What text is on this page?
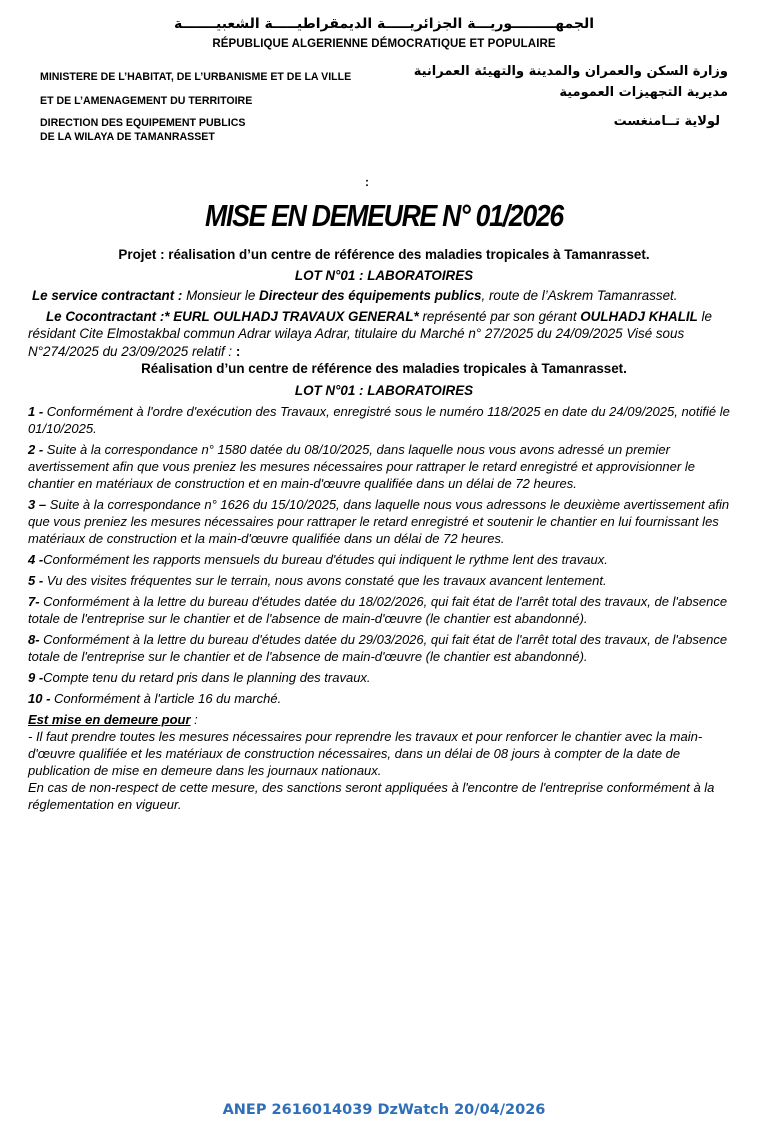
الجمهـــــــــوريـــة الجزائريـــــة الديمقراطيـــــة الشعبيـــــــة
RÉPUBLIQUE ALGERIENNE DÉMOCRATIQUE ET POPULAIRE
MINISTERE DE L’HABITAT, DE L’URBANISME ET DE LA VILLE
ET DE L’AMENAGEMENT DU TERRITOIRE
DIRECTION DES EQUIPEMENT PUBLICS
DE LA WILAYA DE TAMANRASSET
وزارة السكن والعمران والمدينة والتهيئة العمرانية
مديرية التجهيزات العمومية
لولاية تــامنغست
:
MISE EN DEMEURE N° 01/2026

Projet : réalisation d’un centre de référence des maladies tropicales à Tamanrasset.

LOT N°01 : LABORATOIRES

Le service contractant : Monsieur le Directeur des équipements publics, route de l’Askrem Tamanrasset.

Le Cocontractant :* EURL OULHADJ TRAVAUX GENERAL* représenté par son gérant OULHADJ KHALIL le résidant Cite Elmostakbal commun Adrar wilaya Adrar, titulaire du Marché n° 27/2025 du 24/09/2025 Visé sous N°274/2025 du 23/09/2025 relatif : :

Réalisation d’un centre de référence des maladies tropicales à Tamanrasset.

LOT N°01 : LABORATOIRES

1 - Conformément à l'ordre d'exécution des Travaux, enregistré sous le numéro 118/2025 en date du 24/09/2025, notifié le 01/10/2025.

2 - Suite à la correspondance n° 1580 datée du 08/10/2025, dans laquelle nous vous avons adressé un premier avertissement afin que vous preniez les mesures nécessaires pour rattraper le retard enregistré et approvisionner le chantier en matériaux de construction et en main-d'œuvre qualifiée dans un délai de 72 heures.

3 – Suite à la correspondance n° 1626 du 15/10/2025, dans laquelle nous vous adressons le deuxième avertissement afin que vous preniez les mesures nécessaires pour rattraper le retard enregistré et soutenir le chantier en lui fournissant les matériaux de construction et la main-d'œuvre qualifiée dans un délai de 72 heures.

4 -Conformément les rapports mensuels du bureau d'études qui indiquent le rythme lent des travaux.

5 - Vu des visites fréquentes sur le terrain, nous avons constaté que les travaux avancent lentement.

7- Conformément à la lettre du bureau d'études datée du 18/02/2026, qui fait état de l'arrêt total des travaux, de l'absence totale de l'entreprise sur le chantier et de l'absence de main-d'œuvre (le chantier est abandonné).

8- Conformément à la lettre du bureau d'études datée du 29/03/2026, qui fait état de l'arrêt total des travaux, de l'absence totale de l'entreprise sur le chantier et de l'absence de main-d'œuvre (le chantier est abandonné).

9 -Compte tenu du retard pris dans le planning des travaux.

10 - Conformément à l'article 16 du marché.

Est mise en demeure pour :

- Il faut prendre toutes les mesures nécessaires pour reprendre les travaux et pour renforcer le chantier avec la main-d'œuvre qualifiée et les matériaux de construction nécessaires, dans un délai de 08 jours à compter de la date de publication de mise en demeure dans les journaux nationaux.

En cas de non-respect de cette mesure, des sanctions seront appliquées à l'encontre de l'entreprise conformément à la réglementation en vigueur.

ANEP 2616014039 DzWatch 20/04/2026
